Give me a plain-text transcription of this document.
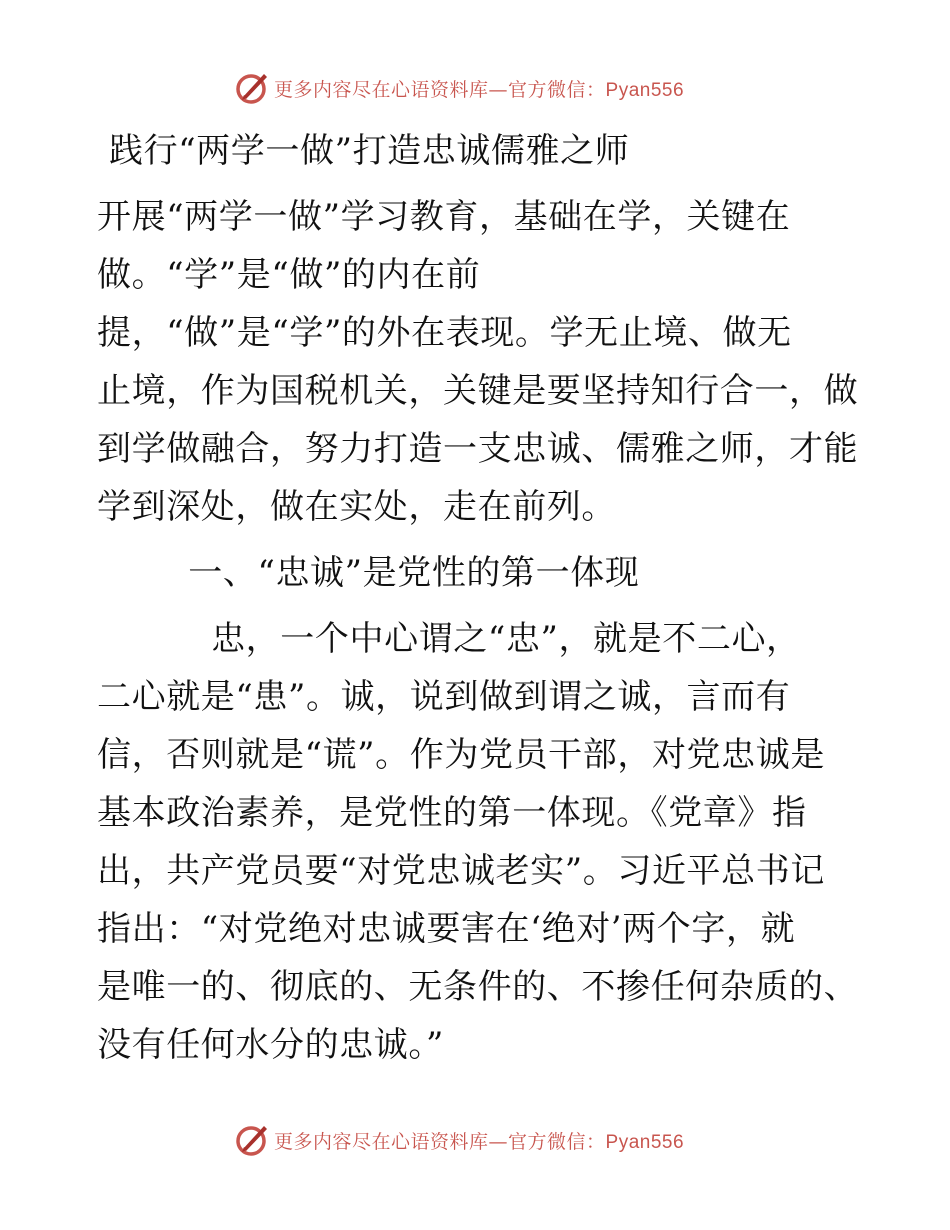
更多内容尽在心语资料库—官方微信：Pyan556
践行“两学一做”打造忠诚儒雅之师
开展“两学一做”学习教育，基础在学，关键在
做。“学”是“做”的内在前
提，“做”是“学”的外在表现。学无止境、做无
止境，作为国税机关，关键是要坚持知行合一，做
到学做融合，努力打造一支忠诚、儒雅之师，才能
学到深处，做在实处，走在前列。
一、“忠诚”是党性的第一体现
忠，一个中心谓之“忠”，就是不二心，
二心就是“患”。诚，说到做到谓之诚，言而有
信，否则就是“谎”。作为党员干部，对党忠诚是
基本政治素养，是党性的第一体现。《党章》指
出，共产党员要“对党忠诚老实”。习近平总书记
指出：“对党绝对忠诚要害在‘绝对’两个字，就
是唯一的、彻底的、无条件的、不掺任何杂质的、
没有任何水分的忠诚。”
更多内容尽在心语资料库—官方微信：Pyan556
